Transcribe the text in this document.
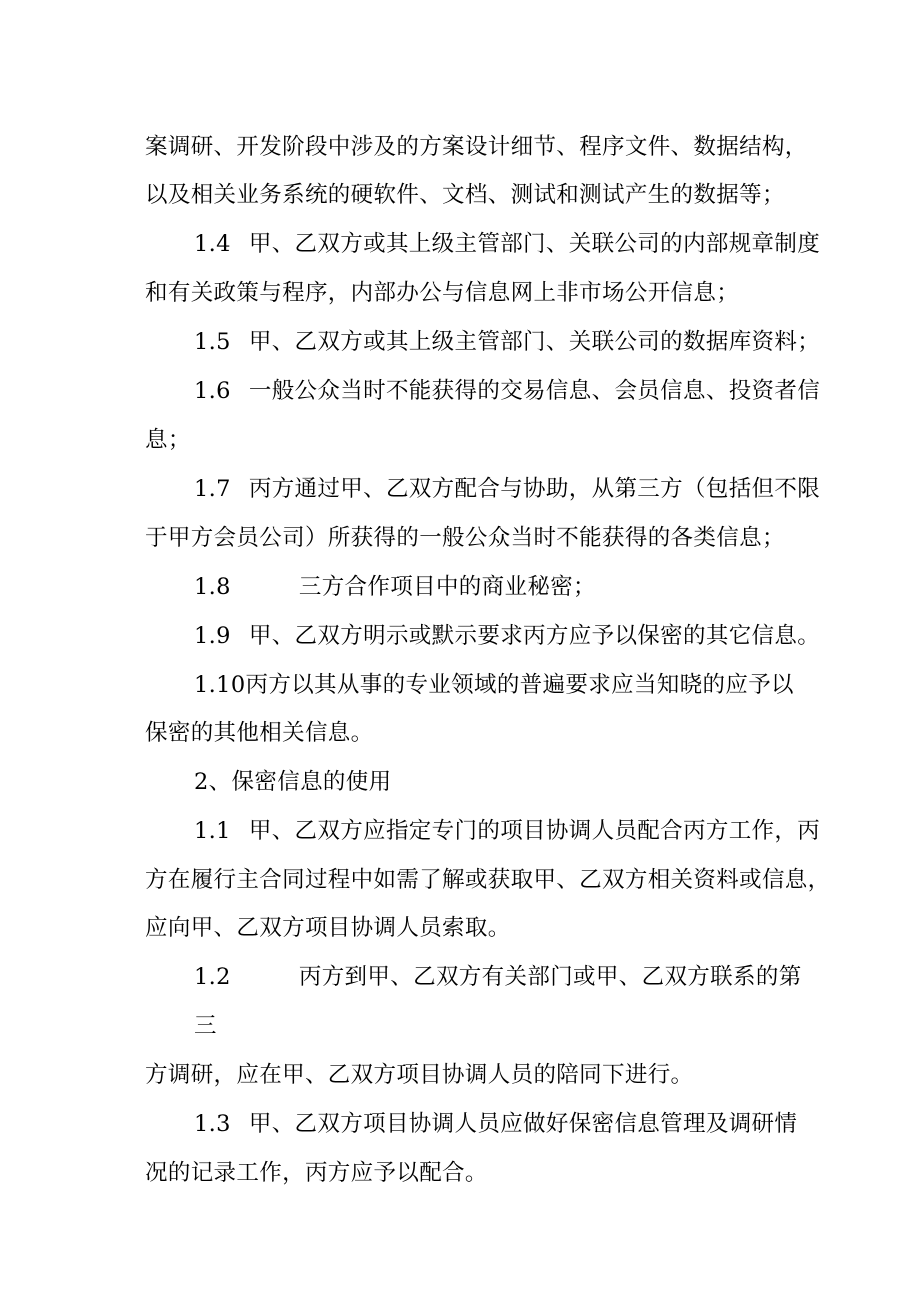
案调研、开发阶段中涉及的方案设计细节、程序文件、数据结构，
以及相关业务系统的硬软件、文档、测试和测试产生的数据等；
1.4 甲、乙双方或其上级主管部门、关联公司的内部规章制度
和有关政策与程序，内部办公与信息网上非市场公开信息；
1.5 甲、乙双方或其上级主管部门、关联公司的数据库资料；
1.6 一般公众当时不能获得的交易信息、会员信息、投资者信
息；
1.7 丙方通过甲、乙双方配合与协助，从第三方（包括但不限
于甲方会员公司）所获得的一般公众当时不能获得的各类信息；
1.8	三方合作项目中的商业秘密；
1.9 甲、乙双方明示或默示要求丙方应予以保密的其它信息。
1.10丙方以其从事的专业领域的普遍要求应当知晓的应予以
保密的其他相关信息。
2、保密信息的使用
1.1 甲、乙双方应指定专门的项目协调人员配合丙方工作，丙
方在履行主合同过程中如需了解或获取甲、乙双方相关资料或信息，
应向甲、乙双方项目协调人员索取。
1.2	丙方到甲、乙双方有关部门或甲、乙双方联系的第
三
方调研，应在甲、乙双方项目协调人员的陪同下进行。
1.3 甲、乙双方项目协调人员应做好保密信息管理及调研情
况的记录工作，丙方应予以配合。
